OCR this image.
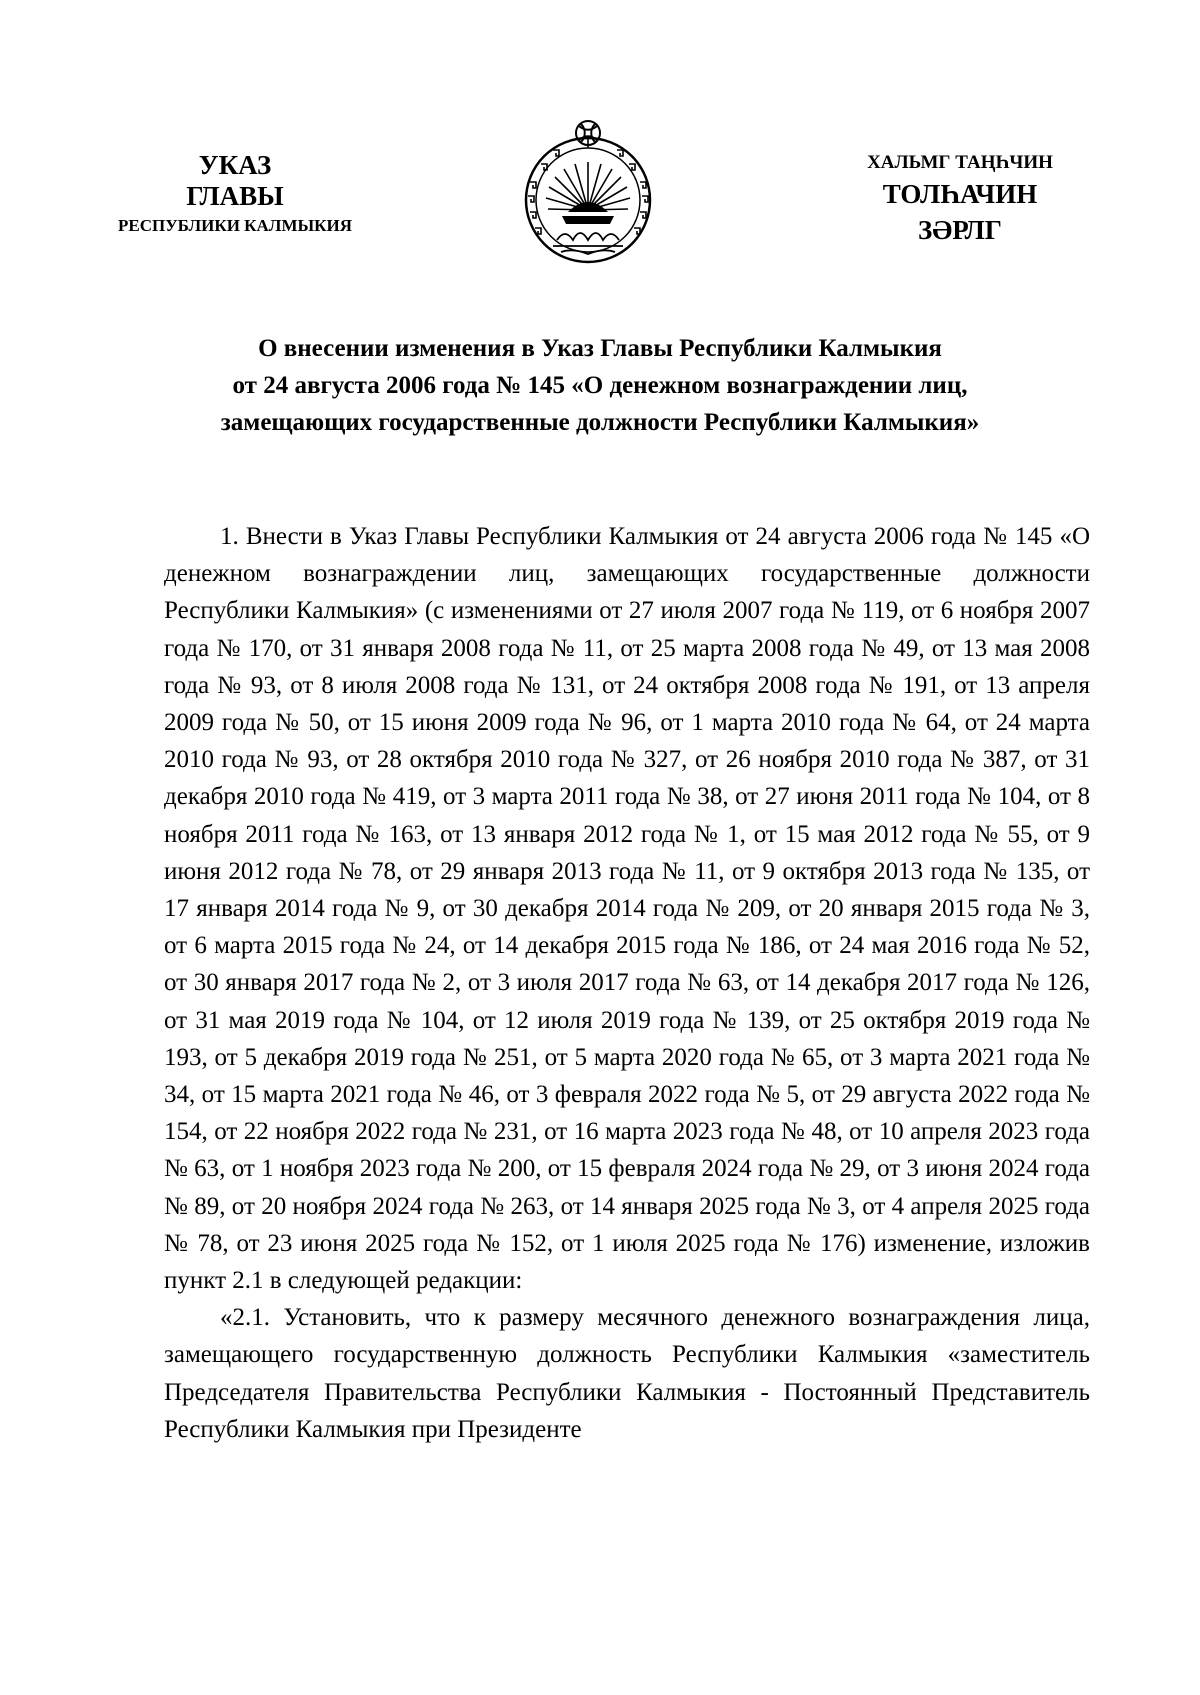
УКАЗ
ГЛАВЫ
РЕСПУБЛИКИ КАЛМЫКИЯ
ХАЛЬМГ ТАҢҺЧИН
ТОЛҺАЧИН
ЗӘРЛГ
О внесении изменения в Указ Главы Республики Калмыкия
от 24 августа 2006 года № 145 «О денежном вознаграждении лиц,
замещающих государственные должности Республики Калмыкия»

1. Внести в Указ Главы Республики Калмыкия от 24 августа 2006 года № 145 «О денежном вознаграждении лиц, замещающих государственные должности Республики Калмыкия» (с изменениями от 27 июля 2007 года № 119, от 6 ноября 2007 года № 170, от 31 января 2008 года № 11, от 25 марта 2008 года № 49, от 13 мая 2008 года № 93, от 8 июля 2008 года № 131, от 24 октября 2008 года № 191, от 13 апреля 2009 года № 50, от 15 июня 2009 года № 96, от 1 марта 2010 года № 64, от 24 марта 2010 года № 93, от 28 октября 2010 года № 327, от 26 ноября 2010 года № 387, от 31 декабря 2010 года № 419, от 3 марта 2011 года № 38, от 27 июня 2011 года № 104, от 8 ноября 2011 года № 163, от 13 января 2012 года № 1, от 15 мая 2012 года № 55, от 9 июня 2012 года № 78, от 29 января 2013 года № 11, от 9 октября 2013 года № 135, от 17 января 2014 года № 9, от 30 декабря 2014 года № 209, от 20 января 2015 года № 3, от 6 марта 2015 года № 24, от 14 декабря 2015 года № 186, от 24 мая 2016 года № 52, от 30 января 2017 года № 2, от 3 июля 2017 года № 63, от 14 декабря 2017 года № 126, от 31 мая 2019 года № 104, от 12 июля 2019 года № 139, от 25 октября 2019 года № 193, от 5 декабря 2019 года № 251, от 5 марта 2020 года № 65, от 3 марта 2021 года № 34, от 15 марта 2021 года № 46, от 3 февраля 2022 года № 5, от 29 августа 2022 года № 154, от 22 ноября 2022 года № 231, от 16 марта 2023 года № 48, от 10 апреля 2023 года № 63, от 1 ноября 2023 года № 200, от 15 февраля 2024 года № 29, от 3 июня 2024 года № 89, от 20 ноября 2024 года № 263, от 14 января 2025 года № 3, от 4 апреля 2025 года № 78, от 23 июня 2025 года № 152, от 1 июля 2025 года № 176) изменение, изложив пункт 2.1 в следующей редакции:

«2.1. Установить, что к размеру месячного денежного вознаграждения лица, замещающего государственную должность Республики Калмыкия «заместитель Председателя Правительства Республики Калмыкия - Постоянный Представитель Республики Калмыкия при Президенте
